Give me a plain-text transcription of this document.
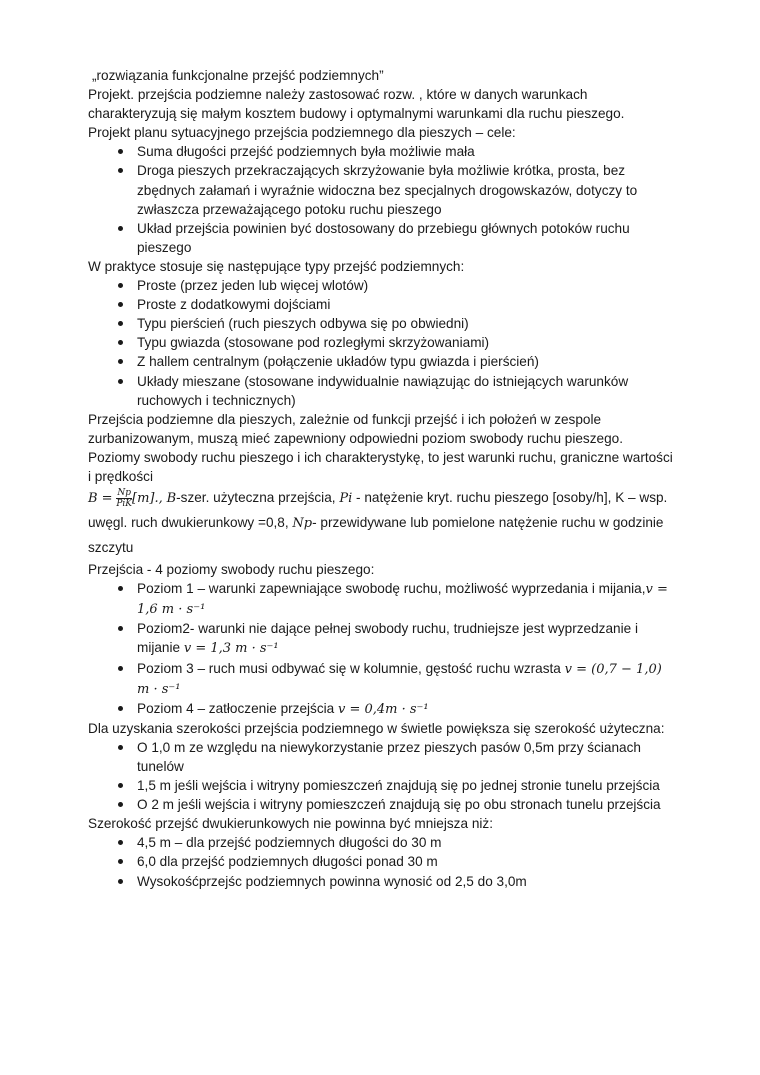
„rozwiązania funkcjonalne przejść podziemnych”

Projekt. przejścia podziemne należy zastosować rozw. , które w danych warunkach charakteryzują się małym kosztem budowy i optymalnymi warunkami dla ruchu pieszego.

Projekt planu sytuacyjnego przejścia podziemnego dla pieszych – cele:

Suma długości przejść podziemnych była możliwie mała
Droga pieszych przekraczających skrzyżowanie była możliwie krótka, prosta, bez zbędnych załamań i wyraźnie widoczna bez specjalnych drogowskazów, dotyczy to zwłaszcza przeważającego potoku ruchu pieszego
Układ przejścia powinien być dostosowany do przebiegu głównych potoków ruchu pieszego

W praktyce stosuje się następujące typy przejść podziemnych:

Proste (przez jeden lub więcej wlotów)
Proste z dodatkowymi dojściami
Typu pierścień (ruch pieszych odbywa się po obwiedni)
Typu gwiazda (stosowane pod rozległymi skrzyżowaniami)
Z hallem centralnym (połączenie układów typu gwiazda i pierścień)
Układy mieszane (stosowane indywidualnie nawiązując do istniejących warunków ruchowych i technicznych)

Przejścia podziemne dla pieszych, zależnie od funkcji przejść i ich położeń w zespole zurbanizowanym, muszą mieć zapewniony odpowiedni poziom swobody ruchu pieszego. Poziomy swobody ruchu pieszego i ich charakterystykę, to jest warunki ruchu, graniczne wartości i prędkości

$B = \frac{Np}{\text{PiK}} [m]$., B-szer. użyteczna przejścia, Pi - natężenie kryt. ruchu pieszego [osoby/h], K – wsp. uwęgl. ruch dwukierunkowy =0,8, Np- przewidywane lub pomielone natężenie ruchu w godzinie szczytu

Przejścia - 4 poziomy swobody ruchu pieszego:

Poziom 1 – warunki zapewniające swobodę ruchu, możliwość wyprzedania i mijania,v = 1,6 m · s⁻¹
Poziom2- warunki nie dające pełnej swobody ruchu, trudniejsze jest wyprzedzanie i mijanie v = 1,3 m · s⁻¹
Poziom 3 – ruch musi odbywać się w kolumnie, gęstość ruchu wzrasta v = (0,7 − 1,0) m · s⁻¹
Poziom 4 – zatłoczenie przejścia v = 0,4m · s⁻¹

Dla uzyskania szerokości przejścia podziemnego w świetle powiększa się szerokość użyteczna:

O 1,0 m ze względu na niewykorzystanie przez pieszych pasów 0,5m przy ścianach tunelów
1,5 m jeśli wejścia i witryny pomieszczeń znajdują się po jednej stronie tunelu przejścia
O 2 m jeśli wejścia i witryny pomieszczeń znajdują się po obu stronach tunelu przejścia

Szerokość przejść dwukierunkowych nie powinna być mniejsza niż:

4,5 m – dla przejść podziemnych długości do 30 m
6,0 dla przejść podziemnych długości ponad 30 m
Wysokośćprzejśc podziemnych powinna wynosić od 2,5 do 3,0m
